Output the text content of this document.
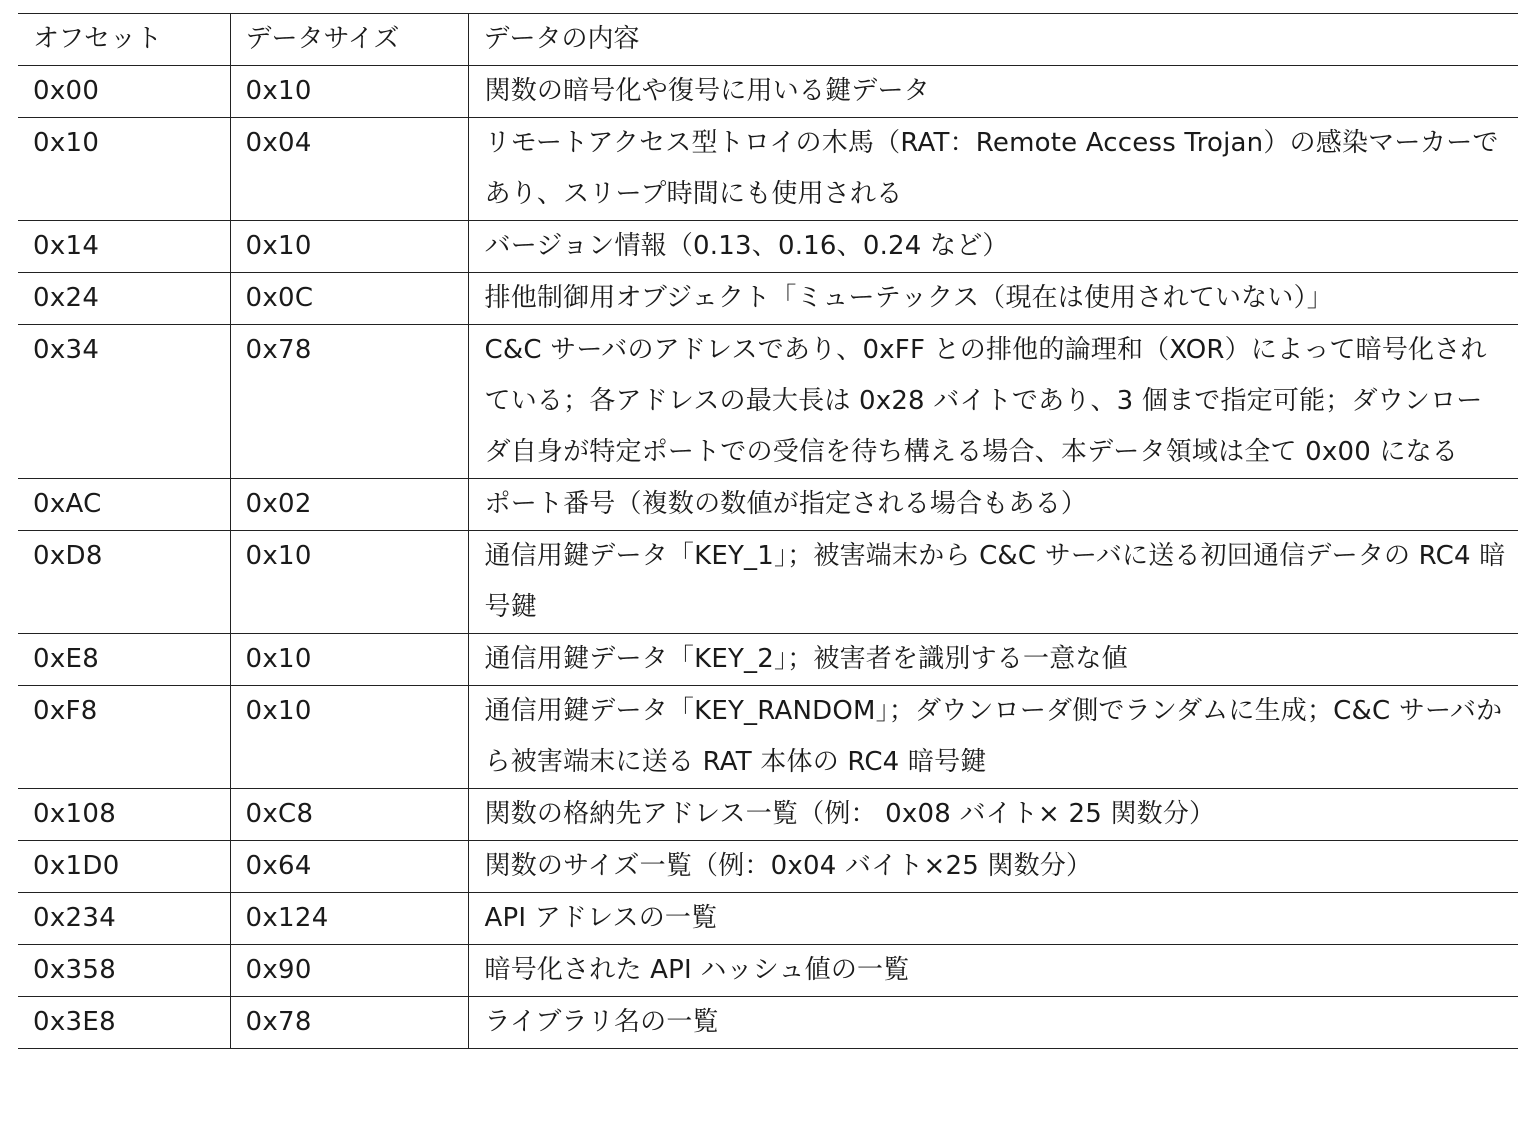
オフセット	データサイズ	データの内容
0x00	0x10	関数の暗号化や復号に用いる鍵データ
0x10	0x04	リモートアクセス型トロイの木馬（RAT：Remote Access Trojan）の感染マーカーであり、スリープ時間にも使用される
0x14	0x10	バージョン情報（0.13、0.16、0.24 など）
0x24	0x0C	排他制御用オブジェクト「ミューテックス（現在は使用されていない）」
0x34	0x78	C&C サーバのアドレスであり、0xFF との排他的論理和（XOR）によって暗号化されている；各アドレスの最大長は 0x28 バイトであり、3 個まで指定可能；ダウンローダ自身が特定ポートでの受信を待ち構える場合、本データ領域は全て 0x00 になる
0xAC	0x02	ポート番号（複数の数値が指定される場合もある）
0xD8	0x10	通信用鍵データ「KEY_1」；被害端末から C&C サーバに送る初回通信データの RC4 暗号鍵
0xE8	0x10	通信用鍵データ「KEY_2」；被害者を識別する一意な値
0xF8	0x10	通信用鍵データ「KEY_RANDOM」；ダウンローダ側でランダムに生成；C&C サーバから被害端末に送る RAT 本体の RC4 暗号鍵
0x108	0xC8	関数の格納先アドレス一覧（例： 0x08 バイト× 25 関数分）
0x1D0	0x64	関数のサイズ一覧（例：0x04 バイト×25 関数分）
0x234	0x124	API アドレスの一覧
0x358	0x90	暗号化された API ハッシュ値の一覧
0x3E8	0x78	ライブラリ名の一覧
